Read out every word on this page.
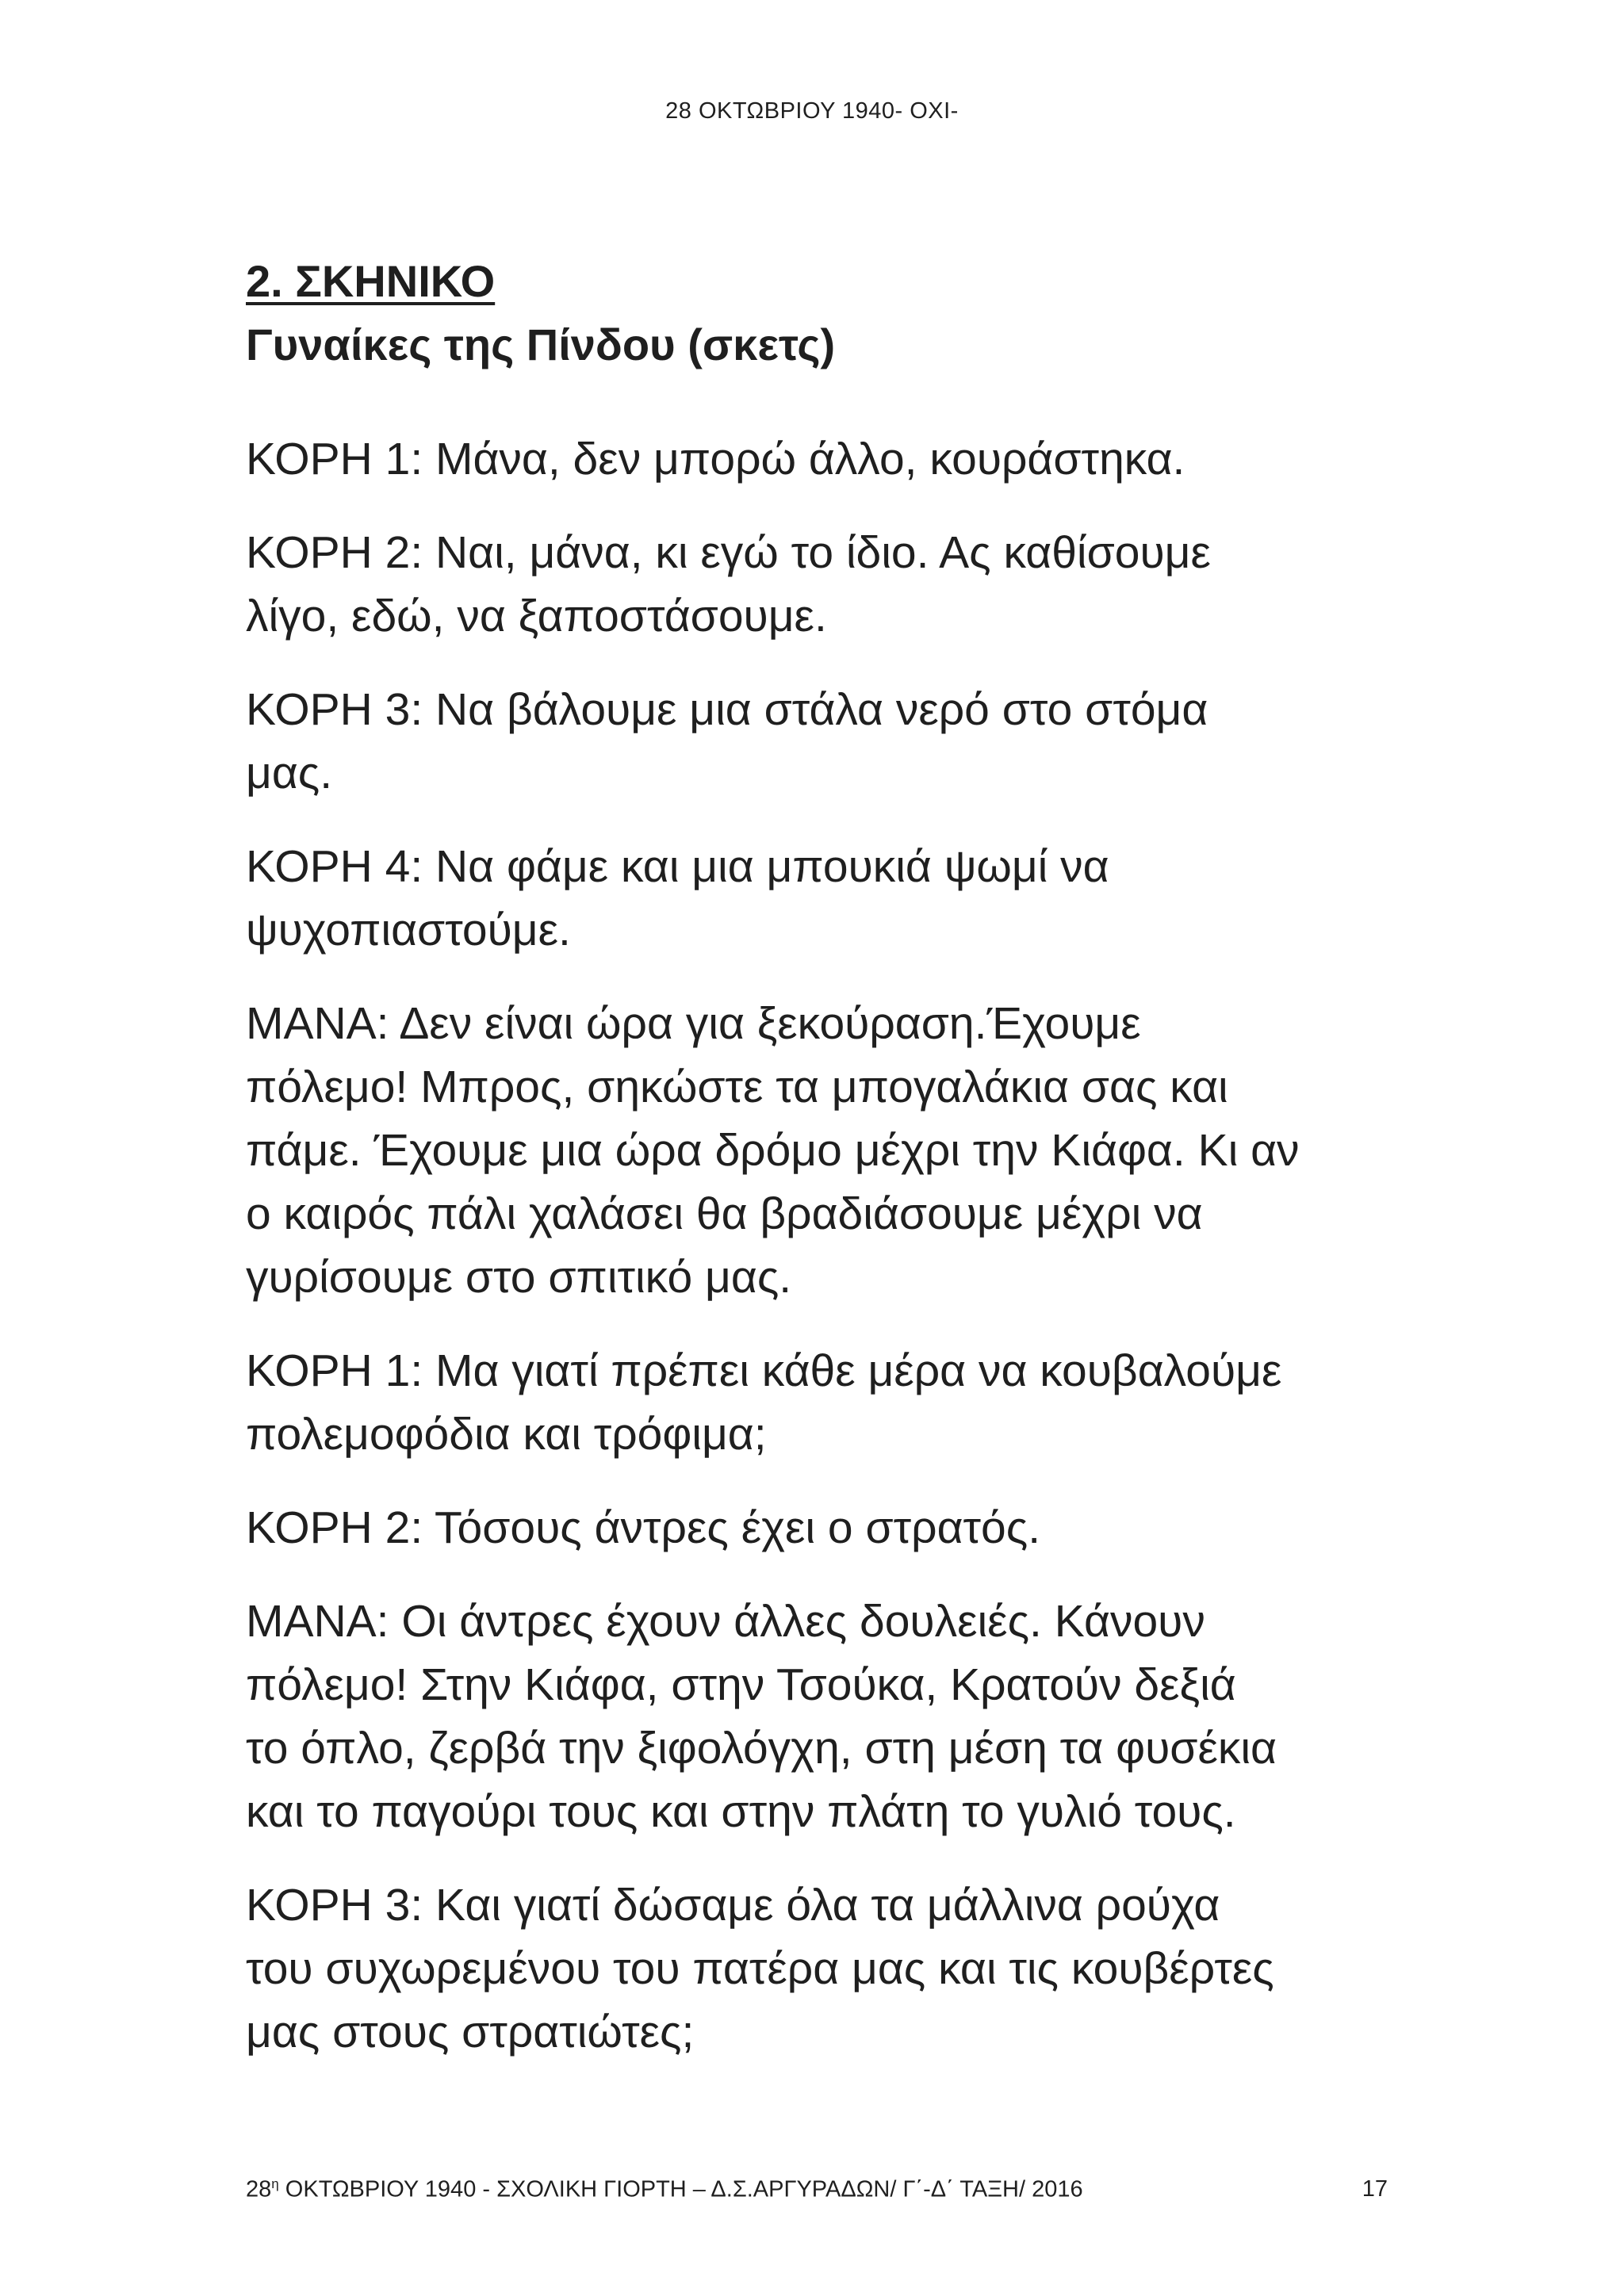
28 ΟΚΤΩΒΡΙΟΥ 1940- ΟΧΙ-
2. ΣΚΗΝΙΚΟ
Γυναίκες της Πίνδου (σκετς)

ΚΟΡΗ 1: Μάνα, δεν μπορώ άλλο, κουράστηκα.

ΚΟΡΗ 2: Ναι, μάνα, κι εγώ το ίδιο. Ας καθίσουμε
λίγο, εδώ, να ξαποστάσουμε.

ΚΟΡΗ 3: Να βάλουμε μια στάλα νερό στο στόμα
μας.

ΚΟΡΗ 4: Να φάμε και μια μπουκιά ψωμί να
ψυχοπιαστούμε.

ΜΑΝΑ: Δεν είναι ώρα για ξεκούραση.Έχουμε
πόλεμο! Μπρος, σηκώστε τα μπογαλάκια σας και
πάμε. Έχουμε μια ώρα δρόμο μέχρι την Κιάφα. Κι αν
ο καιρός πάλι χαλάσει θα βραδιάσουμε μέχρι να
γυρίσουμε στο σπιτικό μας.

ΚΟΡΗ 1: Μα γιατί πρέπει κάθε μέρα να κουβαλούμε
πολεμοφόδια και τρόφιμα;

ΚΟΡΗ 2: Τόσους άντρες έχει ο στρατός.

ΜΑΝΑ: Οι άντρες έχουν άλλες δουλειές. Κάνουν
πόλεμο! Στην Κιάφα, στην Τσούκα, Κρατούν δεξιά
το όπλο, ζερβά την ξιφολόγχη, στη μέση τα φυσέκια
και το παγούρι τους και στην πλάτη το γυλιό τους.

ΚΟΡΗ 3: Και γιατί δώσαμε όλα τα μάλλινα ρούχα
του συχωρεμένου του πατέρα μας και τις κουβέρτες
μας στους στρατιώτες;

$28^\eta$ ΟΚΤΩΒΡΙΟΥ 1940 - ΣΧΟΛΙΚΗ ΓΙΟΡΤΗ – Δ.Σ.ΑΡΓΥΡΑΔΩΝ/ Γ΄-Δ΄ ΤΑΞΗ/ 2016	17
